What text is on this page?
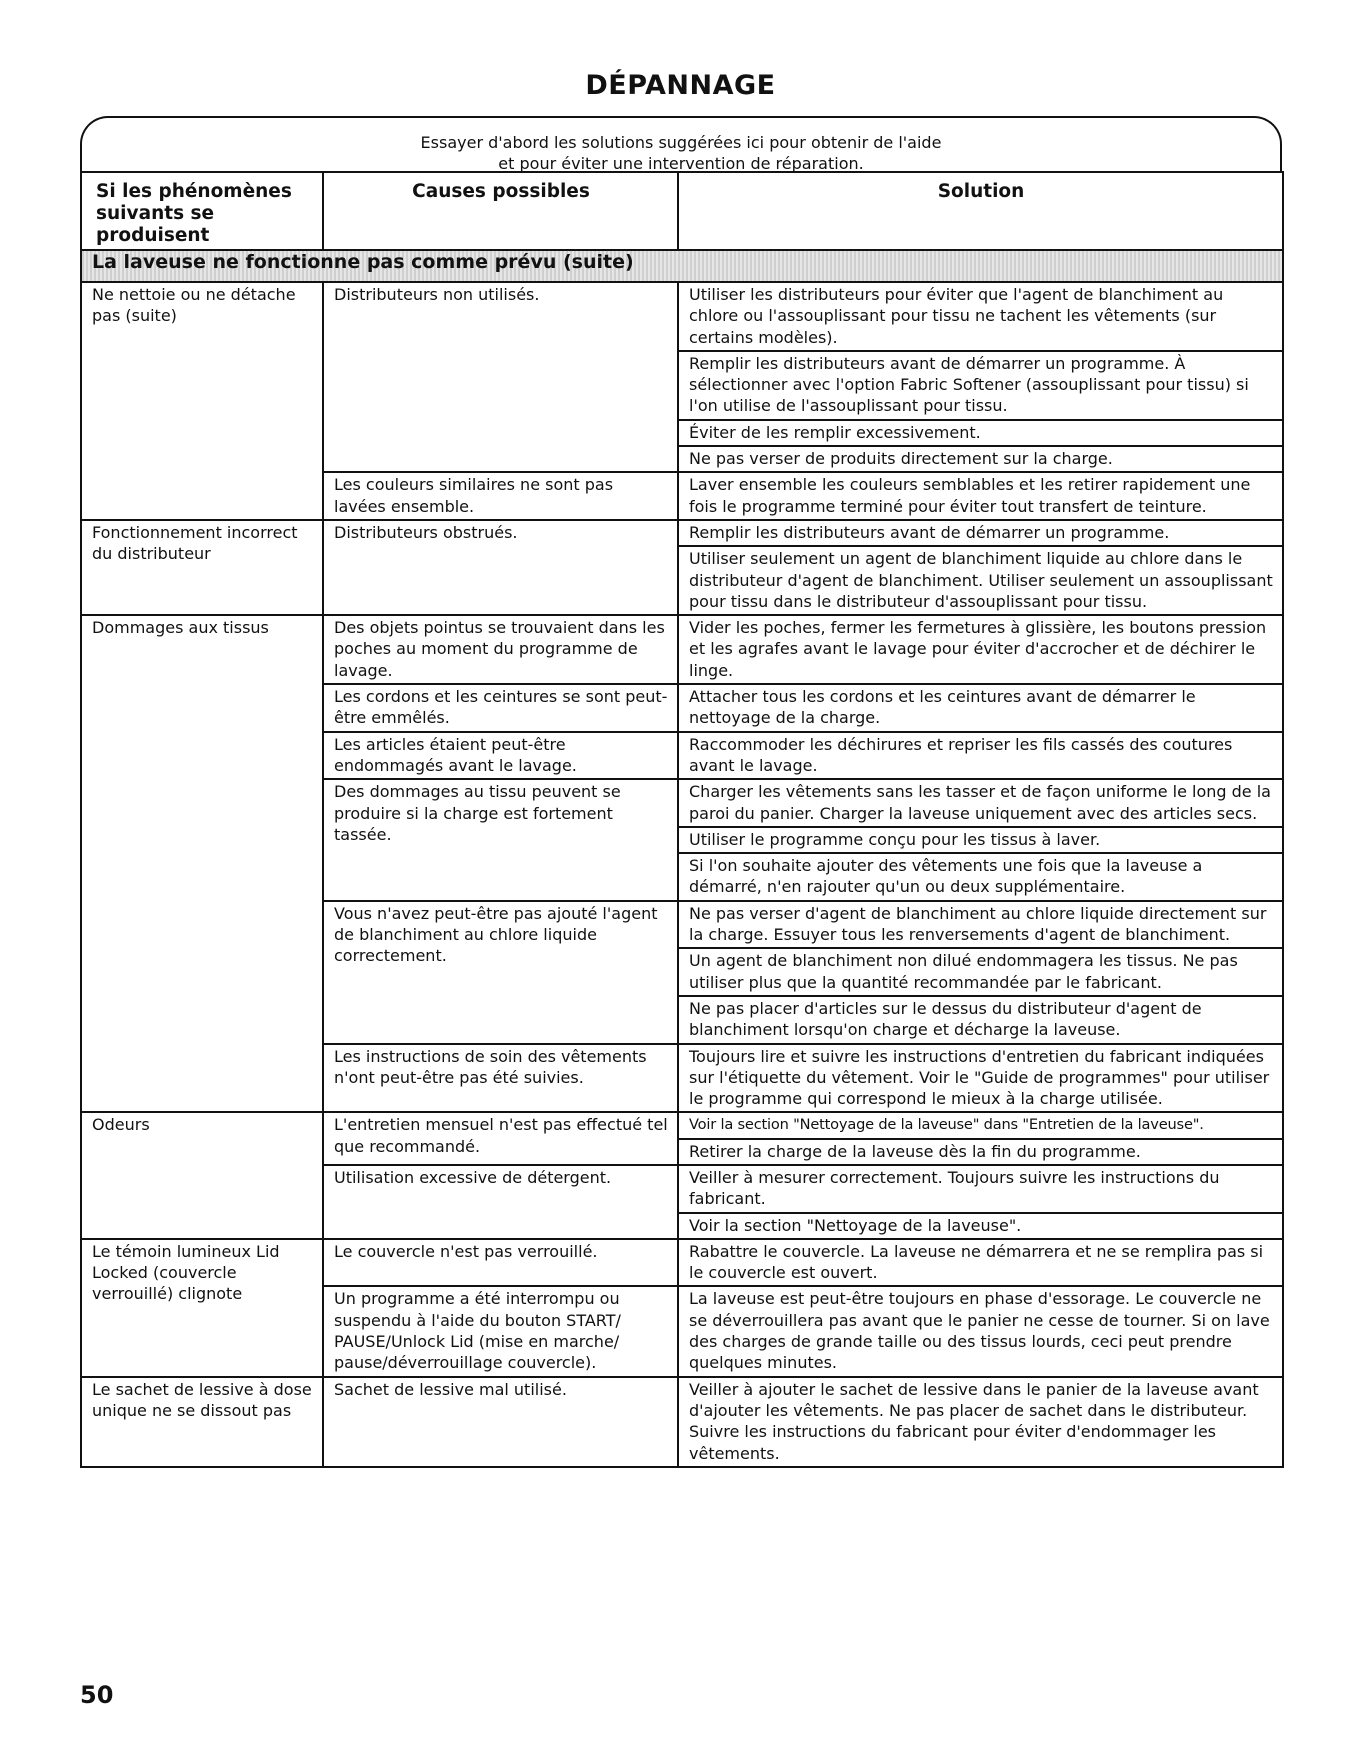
DÉPANNAGE
Essayer d'abord les solutions suggérées ici pour obtenir de l'aide
et pour éviter une intervention de réparation.
Si les phénomènes
suivants se produisent	Causes possibles	Solution
La laveuse ne fonctionne pas comme prévu (suite)		
Ne nettoie ou ne détache pas (suite)	Distributeurs non utilisés.	Utiliser les distributeurs pour éviter que l'agent de blanchiment au chlore ou l'assouplissant pour tissu ne tachent les vêtements (sur certains modèles).
		Remplir les distributeurs avant de démarrer un programme. À sélectionner avec l'option Fabric Softener (assouplissant pour tissu) si l'on utilise de l'assouplissant pour tissu.
		Éviter de les remplir excessivement.
		Ne pas verser de produits directement sur la charge.
	Les couleurs similaires ne sont pas lavées ensemble.	Laver ensemble les couleurs semblables et les retirer rapidement une fois le programme terminé pour éviter tout transfert de teinture.
Fonctionnement incorrect du distributeur	Distributeurs obstrués.	Remplir les distributeurs avant de démarrer un programme.
		Utiliser seulement un agent de blanchiment liquide au chlore dans le distributeur d'agent de blanchiment. Utiliser seulement un assouplissant pour tissu dans le distributeur d'assouplissant pour tissu.
Dommages aux tissus	Des objets pointus se trouvaient dans les poches au moment du programme de lavage.	Vider les poches, fermer les fermetures à glissière, les boutons pression et les agrafes avant le lavage pour éviter d'accrocher et de déchirer le linge.
	Les cordons et les ceintures se sont peut-être emmêlés.	Attacher tous les cordons et les ceintures avant de démarrer le nettoyage de la charge.
	Les articles étaient peut-être endommagés avant le lavage.	Raccommoder les déchirures et repriser les fils cassés des coutures avant le lavage.
	Des dommages au tissu peuvent se produire si la charge est fortement tassée.	Charger les vêtements sans les tasser et de façon uniforme le long de la paroi du panier. Charger la laveuse uniquement avec des articles secs.
		Utiliser le programme conçu pour les tissus à laver.
		Si l'on souhaite ajouter des vêtements une fois que la laveuse a démarré, n'en rajouter qu'un ou deux supplémentaire.
	Vous n'avez peut-être pas ajouté l'agent de blanchiment au chlore liquide correctement.	Ne pas verser d'agent de blanchiment au chlore liquide directement sur la charge. Essuyer tous les renversements d'agent de blanchiment.
		Un agent de blanchiment non dilué endommagera les tissus. Ne pas utiliser plus que la quantité recommandée par le fabricant.
		Ne pas placer d'articles sur le dessus du distributeur d'agent de blanchiment lorsqu'on charge et décharge la laveuse.
	Les instructions de soin des vêtements n'ont peut-être pas été suivies.	Toujours lire et suivre les instructions d'entretien du fabricant indiquées sur l'étiquette du vêtement. Voir le "Guide de programmes" pour utiliser le programme qui correspond le mieux à la charge utilisée.
Odeurs	L'entretien mensuel n'est pas effectué tel que recommandé.	Voir la section "Nettoyage de la laveuse" dans "Entretien de la laveuse".
		Retirer la charge de la laveuse dès la fin du programme.
	Utilisation excessive de détergent.	Veiller à mesurer correctement. Toujours suivre les instructions du fabricant.
		Voir la section "Nettoyage de la laveuse".
Le témoin lumineux Lid Locked (couvercle verrouillé) clignote	Le couvercle n'est pas verrouillé.	Rabattre le couvercle. La laveuse ne démarrera et ne se remplira pas si le couvercle est ouvert.
	Un programme a été interrompu ou suspendu à l'aide du bouton START/ PAUSE/Unlock Lid (mise en marche/ pause/déverrouillage couvercle).	La laveuse est peut-être toujours en phase d'essorage. Le couvercle ne se déverrouillera pas avant que le panier ne cesse de tourner. Si on lave des charges de grande taille ou des tissus lourds, ceci peut prendre quelques minutes.
Le sachet de lessive à dose unique ne se dissout pas	Sachet de lessive mal utilisé.	Veiller à ajouter le sachet de lessive dans le panier de la laveuse avant d'ajouter les vêtements. Ne pas placer de sachet dans le distributeur. Suivre les instructions du fabricant pour éviter d'endommager les vêtements.
50
